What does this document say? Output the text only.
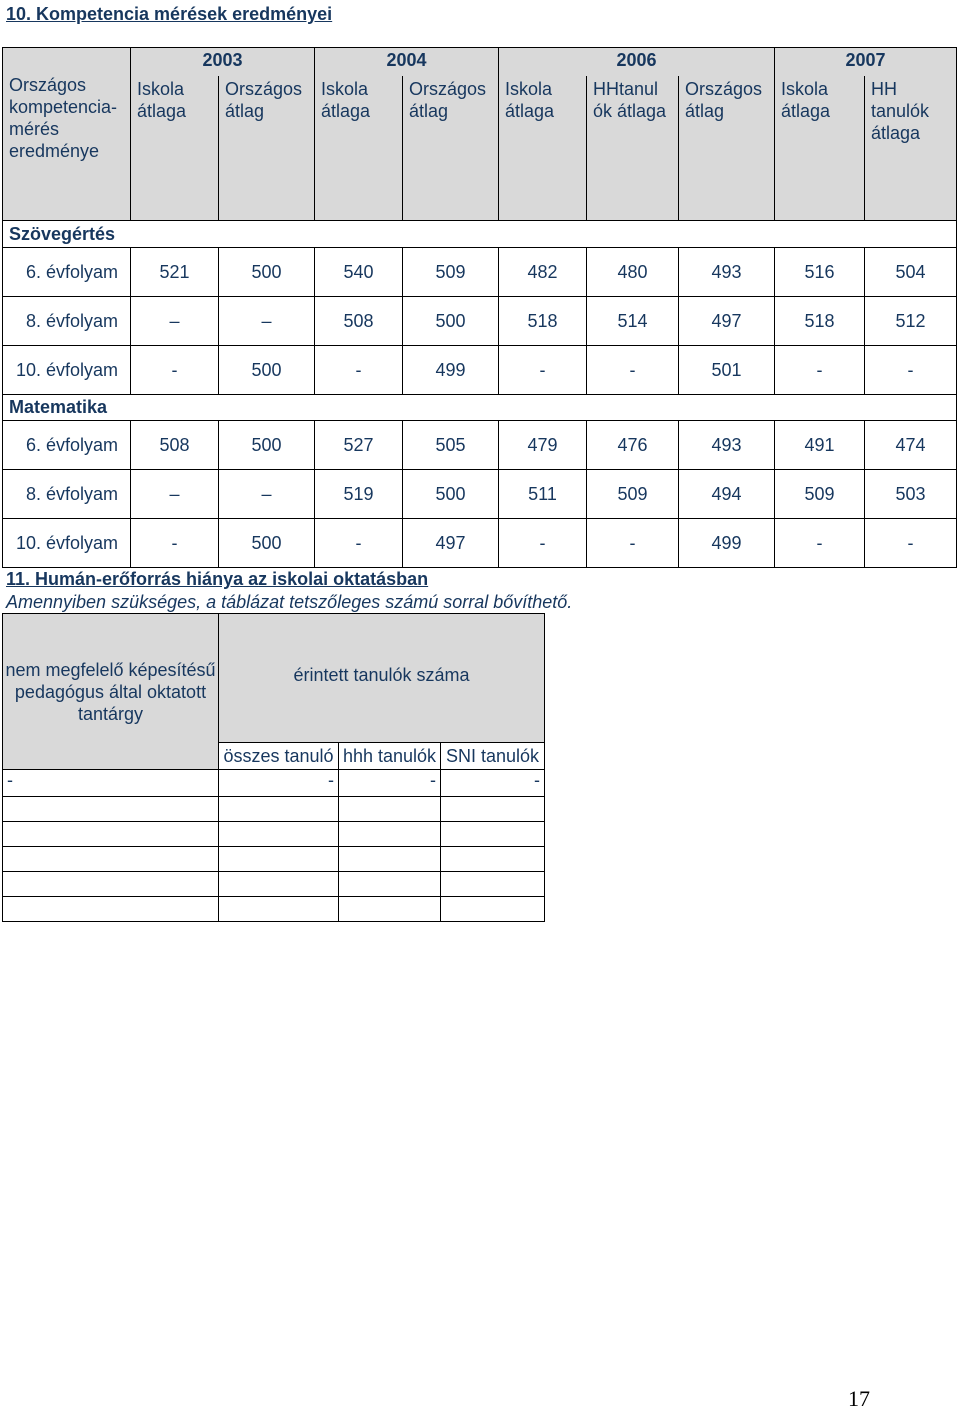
10. Kompetencia mérések eredményei
Országos kompetencia-mérés eredménye	2003		2004		2006			2007	
	Iskola átlaga	Országos átlag	Iskola átlaga	Országos átlag	Iskola átlaga	HHtanul ók átlaga	Országos átlag	Iskola átlaga	HH tanulók átlaga
Szövegértés									
6. évfolyam	521	500	540	509	482	480	493	516	504
8. évfolyam	–	–	508	500	518	514	497	518	512
10. évfolyam	-	500	-	499	-	-	501	-	-
Matematika									
6. évfolyam	508	500	527	505	479	476	493	491	474
8. évfolyam	–	–	519	500	511	509	494	509	503
10. évfolyam	-	500	-	497	-	-	499	-	-
11. Humán-erőforrás hiánya az iskolai oktatásban
Amennyiben szükséges, a táblázat tetszőleges számú sorral bővíthető.
nem megfelelő képesítésű pedagógus által oktatott tantárgy	érintett tanulók száma		
	összes tanuló	hhh tanulók	SNI tanulók
-	-	-	-

17
